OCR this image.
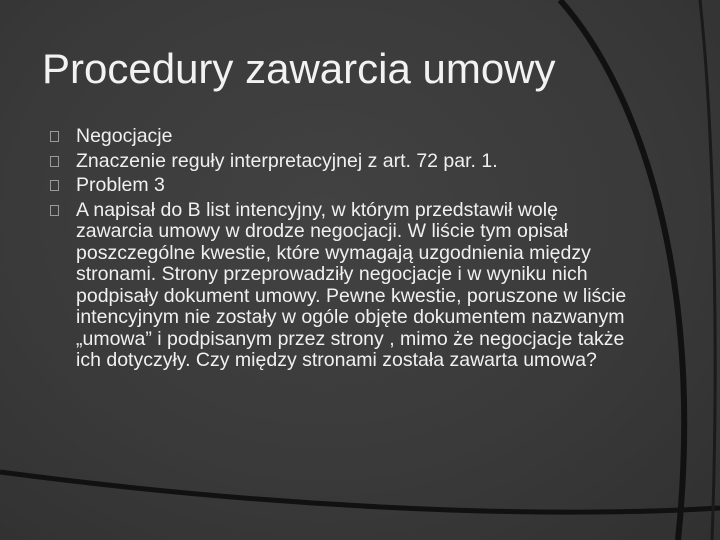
Procedury zawarcia umowy
Negocjacje
Znaczenie reguły interpretacyjnej z art. 72 par. 1.
Problem 3
A napisał do B list intencyjny, w którym przedstawił wolę zawarcia umowy w drodze negocjacji. W liście tym opisał poszczególne kwestie, które wymagają uzgodnienia między stronami. Strony przeprowadziły negocjacje i w wyniku nich podpisały dokument umowy. Pewne kwestie, poruszone w liście intencyjnym nie zostały w ogóle objęte dokumentem nazwanym „umowa” i podpisanym przez strony , mimo że negocjacje także ich dotyczyły. Czy między stronami została zawarta umowa?
